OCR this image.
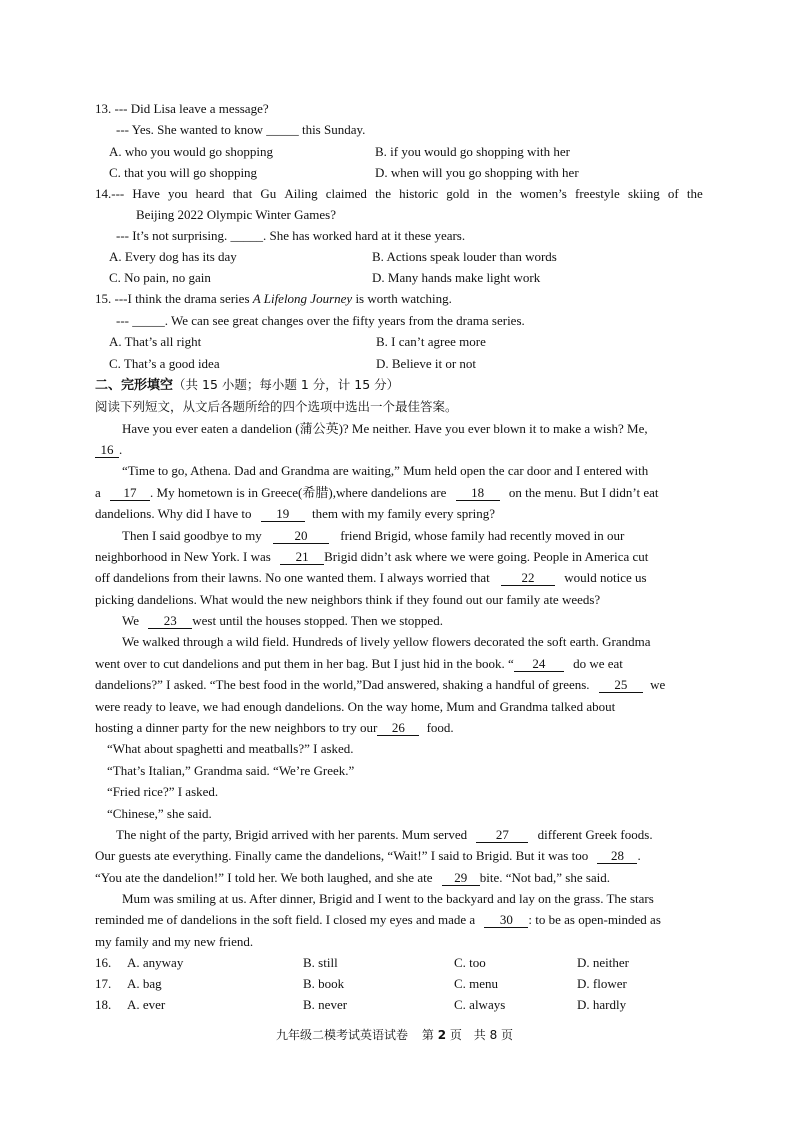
13. --- Did Lisa leave a message?
--- Yes. She wanted to know _____ this Sunday.
A. who you would go shopping	B. if you would go shopping with her
C. that you will go shopping	D. when will you go shopping with her
14.--- Have you heard that Gu Ailing claimed the historic gold in the women’s freestyle skiing of the
Beijing 2022 Olympic Winter Games?
--- It’s not surprising. _____. She has worked hard at it these years.
A. Every dog has its day	B. Actions speak louder than words
C. No pain, no gain	D. Many hands make light work
15. ---I think the drama series A Lifelong Journey is worth watching.
--- _____. We can see great changes over the fifty years from the drama series.
A. That’s all right	B. I can’t agree more
C. That’s a good idea	D. Believe it or not
二、完形填空（共 15 小题；每小题 1 分，计 15 分）
阅读下列短文，从文后各题所给的四个选项中选出一个最佳答案。
Have you ever eaten a dandelion (蒲公英)? Me neither. Have you ever blown it to make a wish? Me,
16 .
“Time to go, Athena. Dad and Grandma are waiting,” Mum held open the car door and I entered with
a 17 . My hometown is in Greece(希腊),where dandelions are 18 on the menu. But I didn’t eat
dandelions. Why did I have to 19 them with my family every spring?
Then I said goodbye to my	20	friend Brigid, whose family had recently moved in our
neighborhood in New York. I was 21 Brigid didn’t ask where we were going. People in America cut
off dandelions from their lawns. No one wanted them. I always worried that 22 would notice us
picking dandelions. What would the new neighbors think if they found out our family ate weeds?
We 23 west until the houses stopped. Then we stopped.
We walked through a wild field. Hundreds of lively yellow flowers decorated the soft earth. Grandma
went over to cut dandelions and put them in her bag. But I just hid in the book. “ 24 do we eat
dandelions?” I asked. “The best food in the world,”Dad answered, shaking a handful of greens. 25 we
were ready to leave, we had enough dandelions. On the way home, Mum and Grandma talked about
hosting a dinner party for the new neighbors to try our 26 food.
“What about spaghetti and meatballs?” I asked.
“That’s Italian,” Grandma said. “We’re Greek.”
“Fried rice?” I asked.
“Chinese,” she said.
The night of the party, Brigid arrived with her parents. Mum served 27 different Greek foods.
Our guests ate everything. Finally came the dandelions, “Wait!” I said to Brigid. But it was too 28 .
“You ate the dandelion!” I told her. We both laughed, and she ate 29 bite. “Not bad,” she said.
Mum was smiling at us. After dinner, Brigid and I went to the backyard and lay on the grass. The stars
reminded me of dandelions in the soft field. I closed my eyes and made a 30 : to be as open-minded as
my family and my new friend.
16. A. anyway	B. still	C. too	D. neither
17. A. bag	B. book	C. menu	D. flower
18. A. ever	B. never	C. always	D. hardly
九年级二模考试英语试卷 第 2 页 共 8 页
